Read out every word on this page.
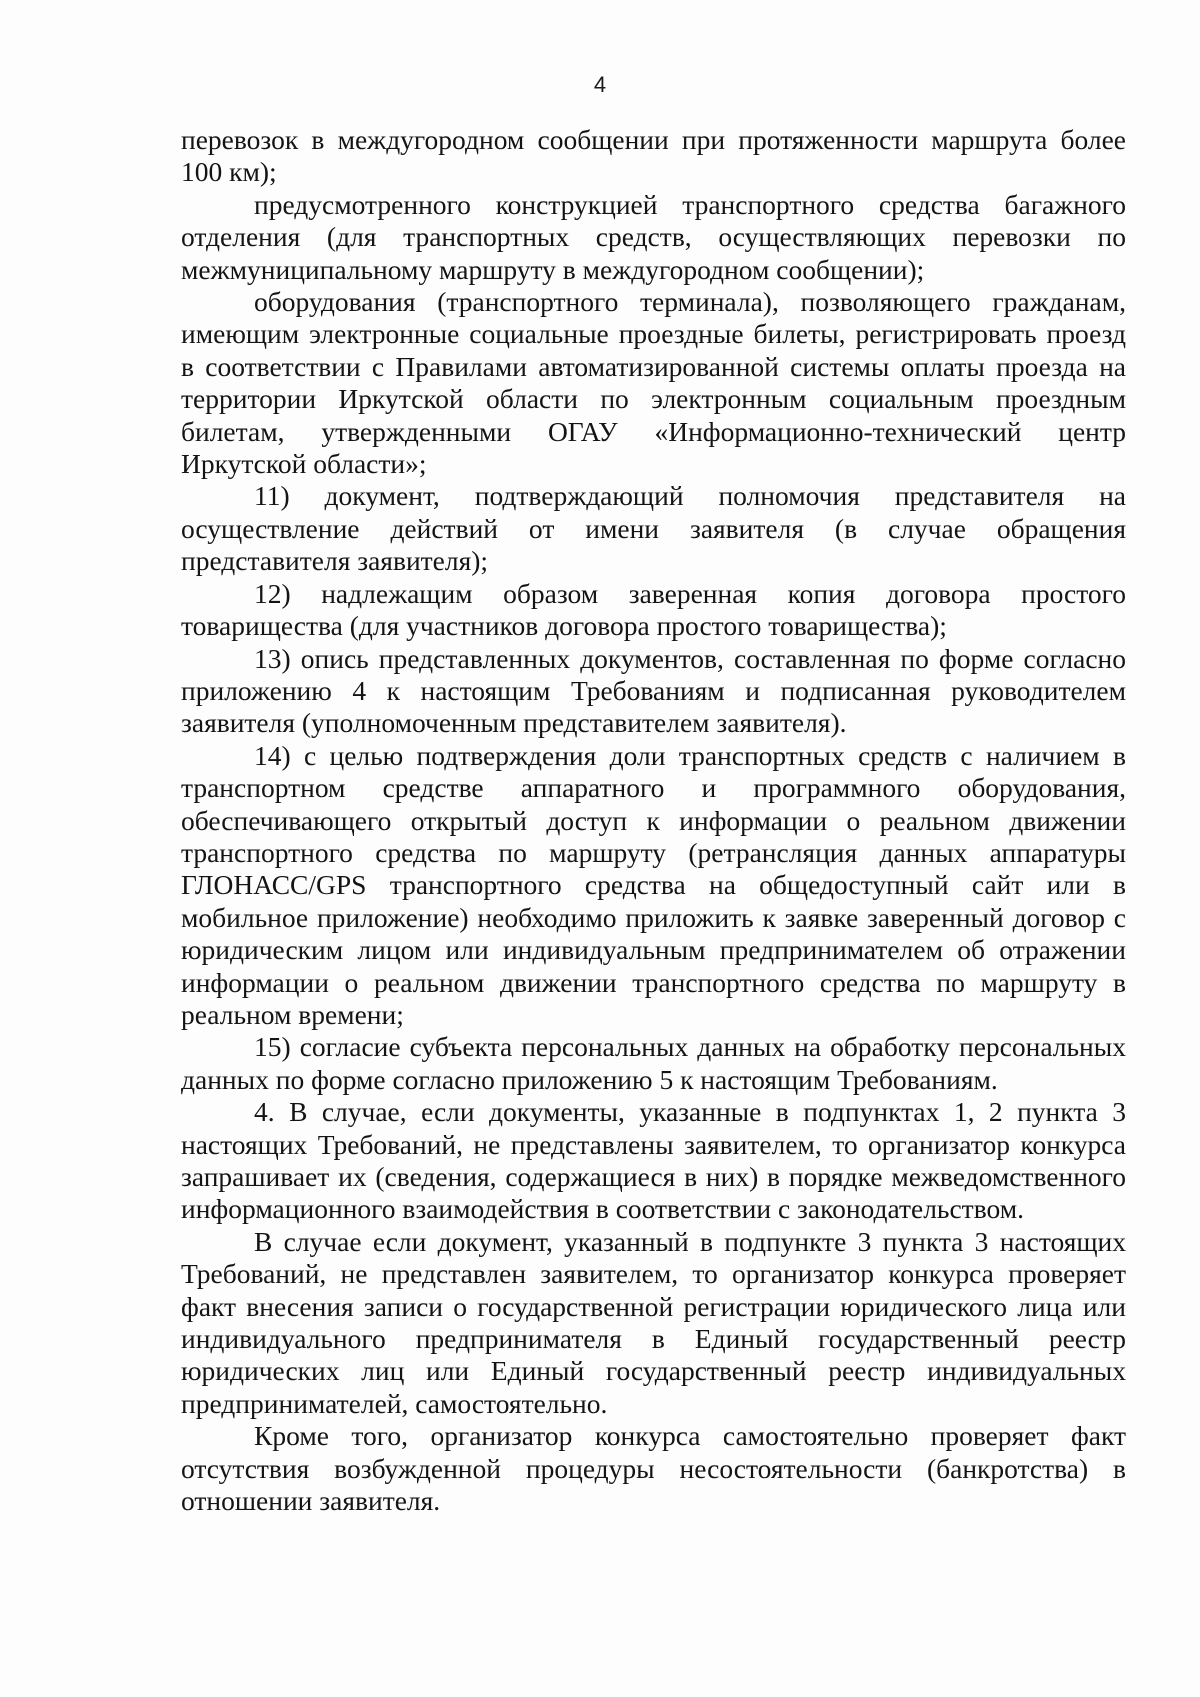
4

перевозок в междугородном сообщении при протяженности маршрута более 100 км);

предусмотренного конструкцией транспортного средства багажного отделения (для транспортных средств, осуществляющих перевозки по межмуниципальному маршруту в междугородном сообщении);

оборудования (транспортного терминала), позволяющего гражданам, имеющим электронные социальные проездные билеты, регистрировать проезд в соответствии с Правилами автоматизированной системы оплаты проезда на территории Иркутской области по электронным социальным проездным билетам, утвержденными ОГАУ «Информационно-технический центр Иркутской области»;

11) документ, подтверждающий полномочия представителя на осуществление действий от имени заявителя (в случае обращения представителя заявителя);

12) надлежащим образом заверенная копия договора простого товарищества (для участников договора простого товарищества);

13) опись представленных документов, составленная по форме согласно приложению 4 к настоящим Требованиям и подписанная руководителем заявителя (уполномоченным представителем заявителя).

14) с целью подтверждения доли транспортных средств с наличием в транспортном средстве аппаратного и программного оборудования, обеспечивающего открытый доступ к информации о реальном движении транспортного средства по маршруту (ретрансляция данных аппаратуры ГЛОНАСС/GPS транспортного средства на общедоступный сайт или в мобильное приложение) необходимо приложить к заявке заверенный договор с юридическим лицом или индивидуальным предпринимателем об отражении информации о реальном движении транспортного средства по маршруту в реальном времени;

15) согласие субъекта персональных данных на обработку персональных данных по форме согласно приложению 5 к настоящим Требованиям.

4. В случае, если документы, указанные в подпунктах 1, 2 пункта 3 настоящих Требований, не представлены заявителем, то организатор конкурса запрашивает их (сведения, содержащиеся в них) в порядке межведомственного информационного взаимодействия в соответствии с законодательством.

В случае если документ, указанный в подпункте 3 пункта 3 настоящих Требований, не представлен заявителем, то организатор конкурса проверяет факт внесения записи о государственной регистрации юридического лица или индивидуального предпринимателя в Единый государственный реестр юридических лиц или Единый государственный реестр индивидуальных предпринимателей, самостоятельно.

Кроме того, организатор конкурса самостоятельно проверяет факт отсутствия возбужденной процедуры несостоятельности (банкротства) в отношении заявителя.
